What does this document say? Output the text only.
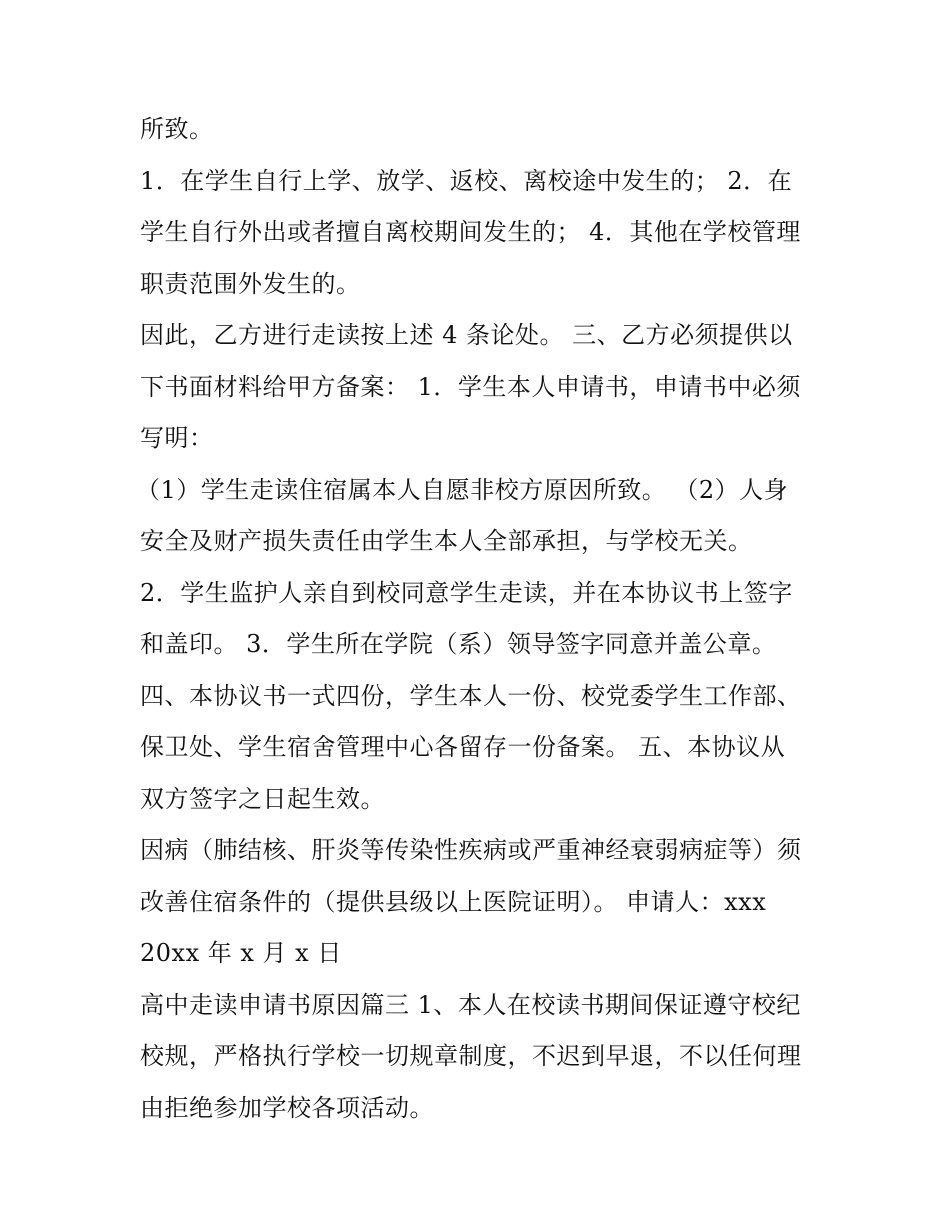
所致。
1．在学生自行上学、放学、返校、离校途中发生的； 2．在
学生自行外出或者擅自离校期间发生的； 4．其他在学校管理
职责范围外发生的。
因此，乙方进行走读按上述 4 条论处。 三、乙方必须提供以
下书面材料给甲方备案： 1．学生本人申请书，申请书中必须
写明：
（1）学生走读住宿属本人自愿非校方原因所致。 （2）人身
安全及财产损失责任由学生本人全部承担，与学校无关。
2．学生监护人亲自到校同意学生走读，并在本协议书上签字
和盖印。 3．学生所在学院（系）领导签字同意并盖公章。
四、本协议书一式四份，学生本人一份、校党委学生工作部、
保卫处、学生宿舍管理中心各留存一份备案。 五、本协议从
双方签字之日起生效。
因病（肺结核、肝炎等传染性疾病或严重神经衰弱病症等）须
改善住宿条件的（提供县级以上医院证明）。 申请人：xxx
20xx 年 x 月 x 日
高中走读申请书原因篇三 1、本人在校读书期间保证遵守校纪
校规，严格执行学校一切规章制度，不迟到早退，不以任何理
由拒绝参加学校各项活动。
